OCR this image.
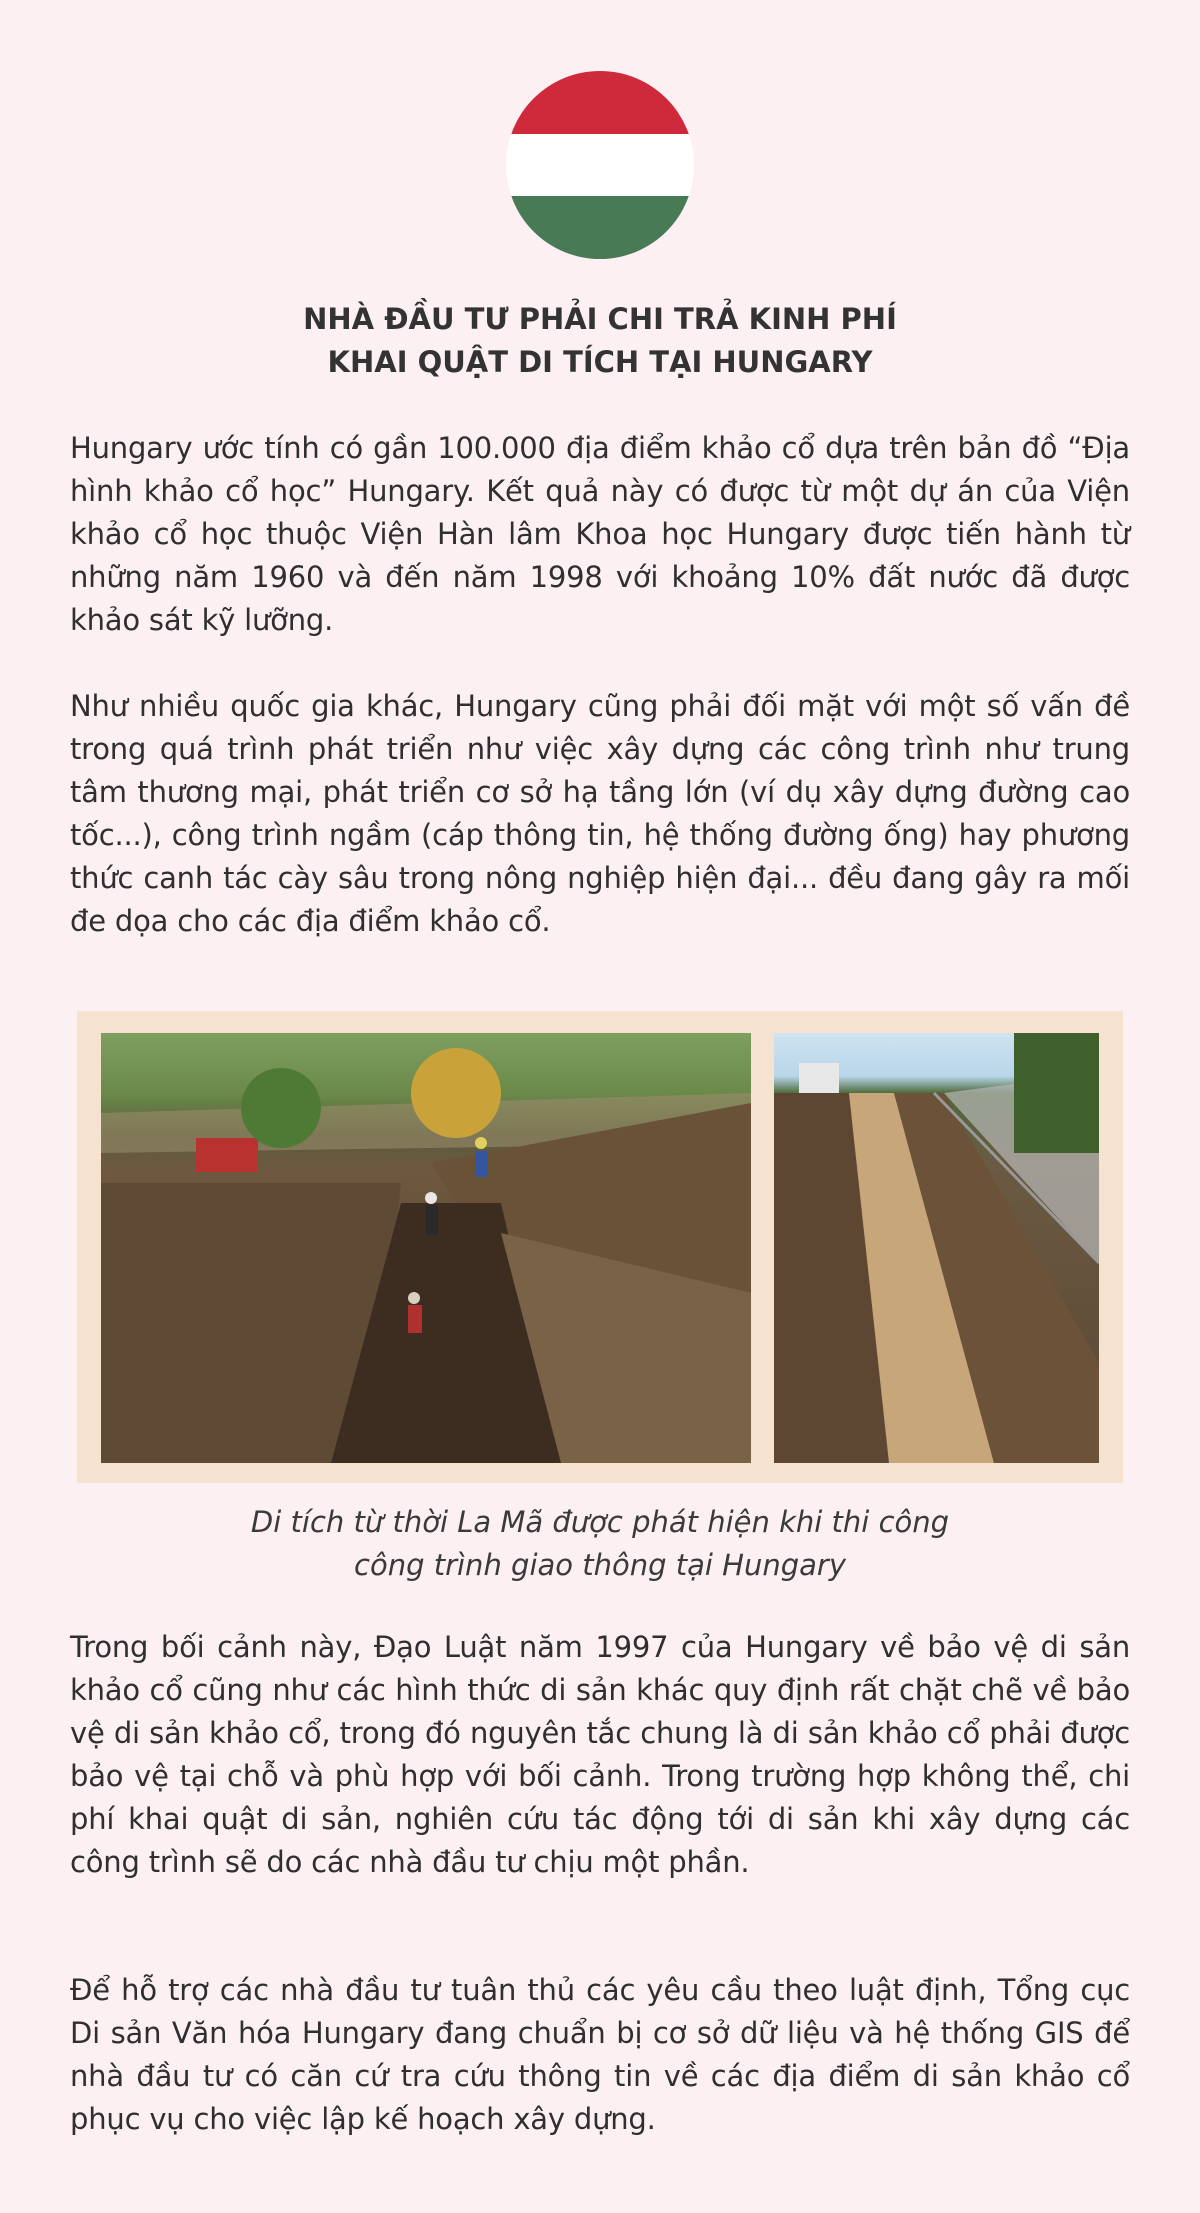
NHÀ ĐẦU TƯ PHẢI CHI TRẢ KINH PHÍ
KHAI QUẬT DI TÍCH TẠI HUNGARY

Hungary ước tính có gần 100.000 địa điểm khảo cổ dựa trên bản đồ “Địa hình khảo cổ học” Hungary. Kết quả này có được từ một dự án của Viện khảo cổ học thuộc Viện Hàn lâm Khoa học Hungary được tiến hành từ những năm 1960 và đến năm 1998 với khoảng 10% đất nước đã được khảo sát kỹ lưỡng.

Như nhiều quốc gia khác, Hungary cũng phải đối mặt với một số vấn đề trong quá trình phát triển như việc xây dựng các công trình như trung tâm thương mại, phát triển cơ sở hạ tầng lớn (ví dụ xây dựng đường cao tốc...), công trình ngầm (cáp thông tin, hệ thống đường ống) hay phương thức canh tác cày sâu trong nông nghiệp hiện đại... đều đang gây ra mối đe dọa cho các địa điểm khảo cổ.

Di tích từ thời La Mã được phát hiện khi thi công
công trình giao thông tại Hungary

Trong bối cảnh này, Đạo Luật năm 1997 của Hungary về bảo vệ di sản khảo cổ cũng như các hình thức di sản khác quy định rất chặt chẽ về bảo vệ di sản khảo cổ, trong đó nguyên tắc chung là di sản khảo cổ phải được bảo vệ tại chỗ và phù hợp với bối cảnh. Trong trường hợp không thể, chi phí khai quật di sản, nghiên cứu tác động tới di sản khi xây dựng các công trình sẽ do các nhà đầu tư chịu một phần.

Để hỗ trợ các nhà đầu tư tuân thủ các yêu cầu theo luật định, Tổng cục Di sản Văn hóa Hungary đang chuẩn bị cơ sở dữ liệu và hệ thống GIS để nhà đầu tư có căn cứ tra cứu thông tin về các địa điểm di sản khảo cổ phục vụ cho việc lập kế hoạch xây dựng.
